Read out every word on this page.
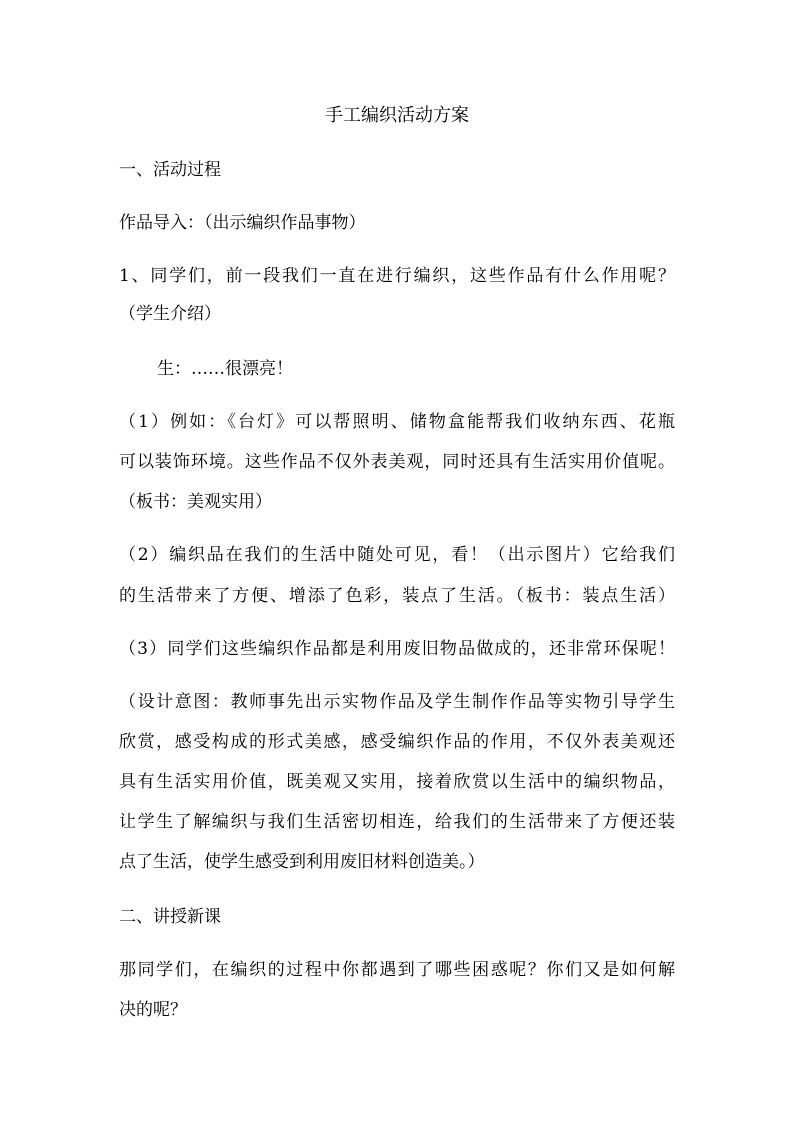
手工编织活动方案
一、活动过程
作品导入：（出示编织作品事物）
1、同学们，前一段我们一直在进行编织，这些作品有什么作用呢？
（学生介绍）
生：……很漂亮！
（1）例如：《台灯》可以帮照明、储物盒能帮我们收纳东西、花瓶
可以装饰环境。这些作品不仅外表美观，同时还具有生活实用价值呢。
（板书：美观实用）
（2）编织品在我们的生活中随处可见，看！（出示图片）它给我们
的生活带来了方便、增添了色彩，装点了生活。（板书：装点生活）
（3）同学们这些编织作品都是利用废旧物品做成的，还非常环保呢！
（设计意图：教师事先出示实物作品及学生制作作品等实物引导学生
欣赏，感受构成的形式美感，感受编织作品的作用，不仅外表美观还
具有生活实用价值，既美观又实用，接着欣赏以生活中的编织物品，
让学生了解编织与我们生活密切相连，给我们的生活带来了方便还装
点了生活，使学生感受到利用废旧材料创造美。）
二、讲授新课
那同学们，在编织的过程中你都遇到了哪些困惑呢？你们又是如何解
决的呢？
